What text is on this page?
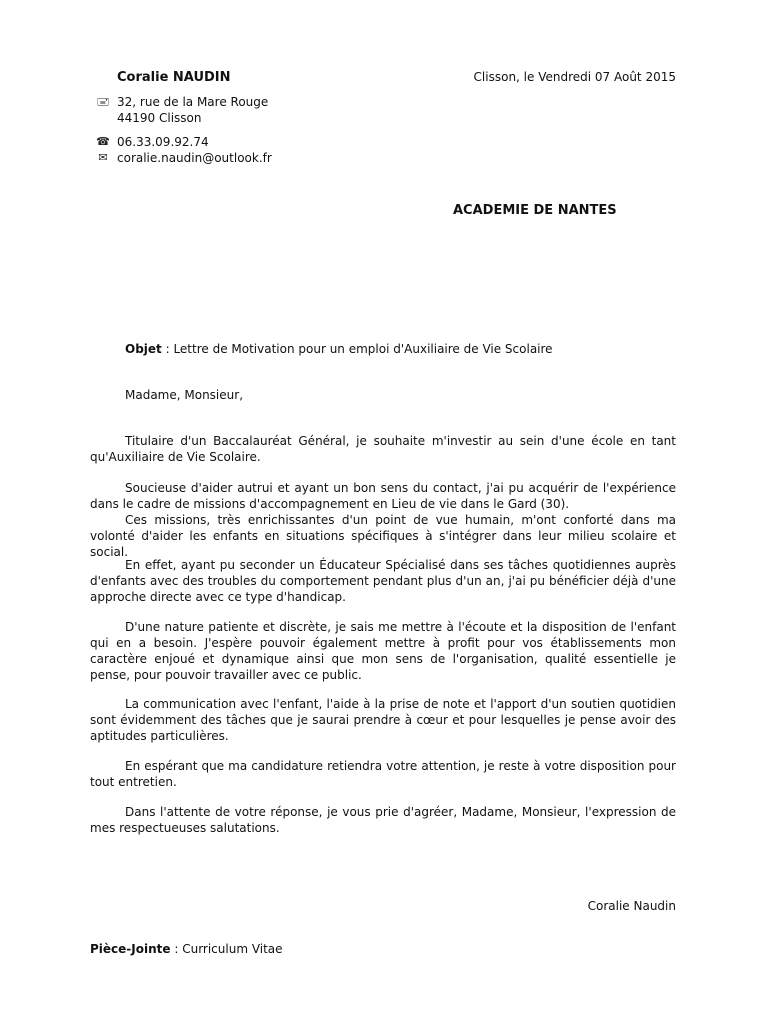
Coralie NAUDIN	Clisson, le Vendredi 07 Août 2015
🖃 32, rue de la Mare Rouge
44190 Clisson
☎ 06.33.09.92.74
✉ coralie.naudin@outlook.fr
ACADEMIE DE NANTES
Objet : Lettre de Motivation pour un emploi d'Auxiliaire de Vie Scolaire
Madame, Monsieur,

Titulaire d'un Baccalauréat Général, je souhaite m'investir au sein d'une école en tant qu'Auxiliaire de Vie Scolaire.

Soucieuse d'aider autrui et ayant un bon sens du contact, j'ai pu acquérir de l'expérience dans le cadre de missions d'accompagnement en Lieu de vie dans le Gard (30).

Ces missions, très enrichissantes d'un point de vue humain, m'ont conforté dans ma volonté d'aider les enfants en situations spécifiques à s'intégrer dans leur milieu scolaire et social.

En effet, ayant pu seconder un Éducateur Spécialisé dans ses tâches quotidiennes auprès d'enfants avec des troubles du comportement pendant plus d'un an, j'ai pu bénéficier déjà d'une approche directe avec ce type d'handicap.

D'une nature patiente et discrète, je sais me mettre à l'écoute et la disposition de l'enfant qui en a besoin. J'espère pouvoir également mettre à profit pour vos établissements mon caractère enjoué et dynamique ainsi que mon sens de l'organisation, qualité essentielle je pense, pour pouvoir travailler avec ce public.

La communication avec l'enfant, l'aide à la prise de note et l'apport d'un soutien quotidien sont évidemment des tâches que je saurai prendre à cœur et pour lesquelles je pense avoir des aptitudes particulières.

En espérant que ma candidature retiendra votre attention, je reste à votre disposition pour tout entretien.

Dans l'attente de votre réponse, je vous prie d'agréer, Madame, Monsieur, l'expression de mes respectueuses salutations.

Coralie Naudin
Pièce-Jointe : Curriculum Vitae
